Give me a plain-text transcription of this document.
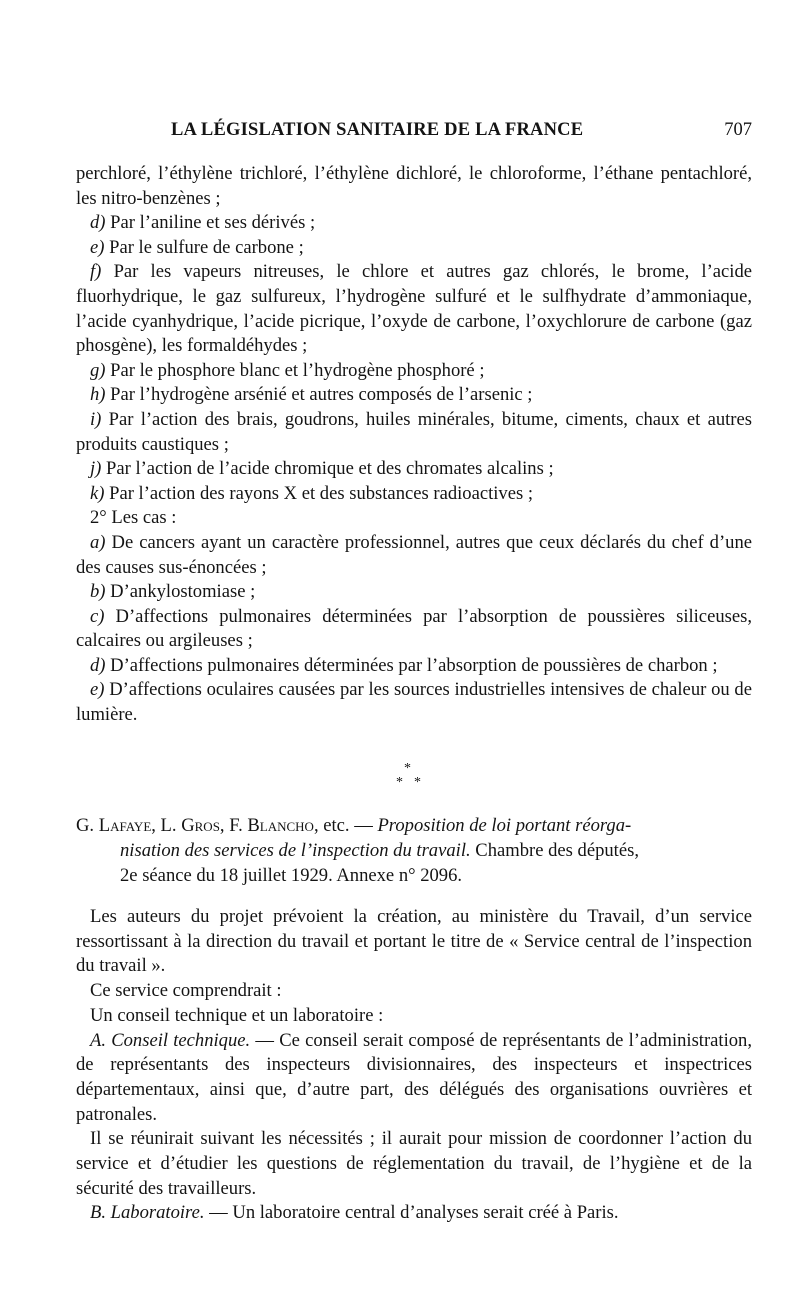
LA LÉGISLATION SANITAIRE DE LA FRANCE	707

perchloré, l’éthylène trichloré, l’éthylène dichloré, le chloroforme, l’éthane pentachloré, les nitro-benzènes ;

d) Par l’aniline et ses dérivés ;

e) Par le sulfure de carbone ;

f) Par les vapeurs nitreuses, le chlore et autres gaz chlorés, le brome, l’acide fluorhydrique, le gaz sulfureux, l’hydrogène sulfuré et le sulfhydrate d’ammoniaque, l’acide cyanhydrique, l’acide picrique, l’oxyde de carbone, l’oxychlorure de carbone (gaz phosgène), les formaldéhydes ;

g) Par le phosphore blanc et l’hydrogène phosphoré ;

h) Par l’hydrogène arsénié et autres composés de l’arsenic ;

i) Par l’action des brais, goudrons, huiles minérales, bitume, ciments, chaux et autres produits caustiques ;

j) Par l’action de l’acide chromique et des chromates alcalins ;

k) Par l’action des rayons X et des substances radioactives ;

2° Les cas :

a) De cancers ayant un caractère professionnel, autres que ceux déclarés du chef d’une des causes sus-énoncées ;

b) D’ankylostomiase ;

c) D’affections pulmonaires déterminées par l’absorption de poussières siliceuses, calcaires ou argileuses ;

d) D’affections pulmonaires déterminées par l’absorption de poussières de charbon ;

e) D’affections oculaires causées par les sources industrielles intensives de chaleur ou de lumière.

*
* *
G. Lafaye, L. Gros, F. Blancho, etc. — Proposition de loi portant réorga-
nisation des services de l’inspection du travail. Chambre des députés,
2e séance du 18 juillet 1929. Annexe n° 2096.

Les auteurs du projet prévoient la création, au ministère du Travail, d’un service ressortissant à la direction du travail et portant le titre de « Service central de l’inspection du travail ».

Ce service comprendrait :

Un conseil technique et un laboratoire :

A. Conseil technique. — Ce conseil serait composé de représentants de l’administration, de représentants des inspecteurs divisionnaires, des inspecteurs et inspectrices départementaux, ainsi que, d’autre part, des délégués des organisations ouvrières et patronales.

Il se réunirait suivant les nécessités ; il aurait pour mission de coordonner l’action du service et d’étudier les questions de réglementation du travail, de l’hygiène et de la sécurité des travailleurs.

B. Laboratoire. — Un laboratoire central d’analyses serait créé à Paris.
